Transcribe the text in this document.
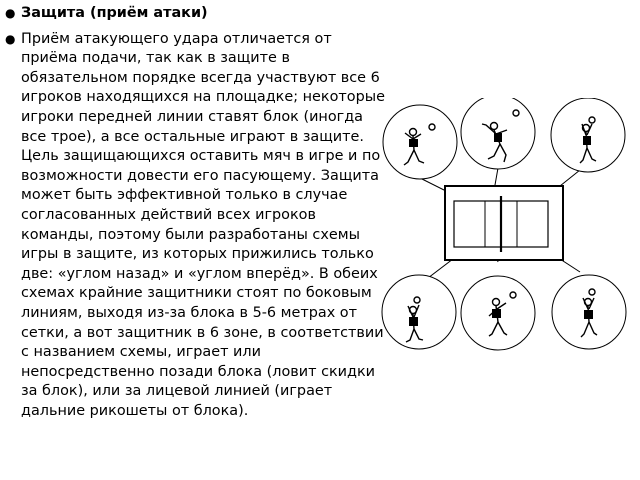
● Защита (приём атаки)
● Приём атакующего удара отличается от приёма подачи, так как в защите в обязательном порядке всегда участвуют все 6 игроков находящихся на площадке; некоторые игроки передней линии ставят блок (иногда все трое), а все остальные играют в защите. Цель защищающихся оставить мяч в игре и по возможности довести его пасующему. Защита может быть эффективной только в случае согласованных действий всех игроков команды, поэтому были разработаны схемы игры в защите, из которых прижились только две: «углом назад» и «углом вперёд». В обеих схемах крайние защитники стоят по боковым линиям, выходя из-за блока в 5-6 метрах от сетки, а вот защитник в 6 зоне, в соответствии с названием схемы, играет или непосредственно позади блока (ловит скидки за блок), или за лицевой линией (играет дальние рикошеты от блока).
